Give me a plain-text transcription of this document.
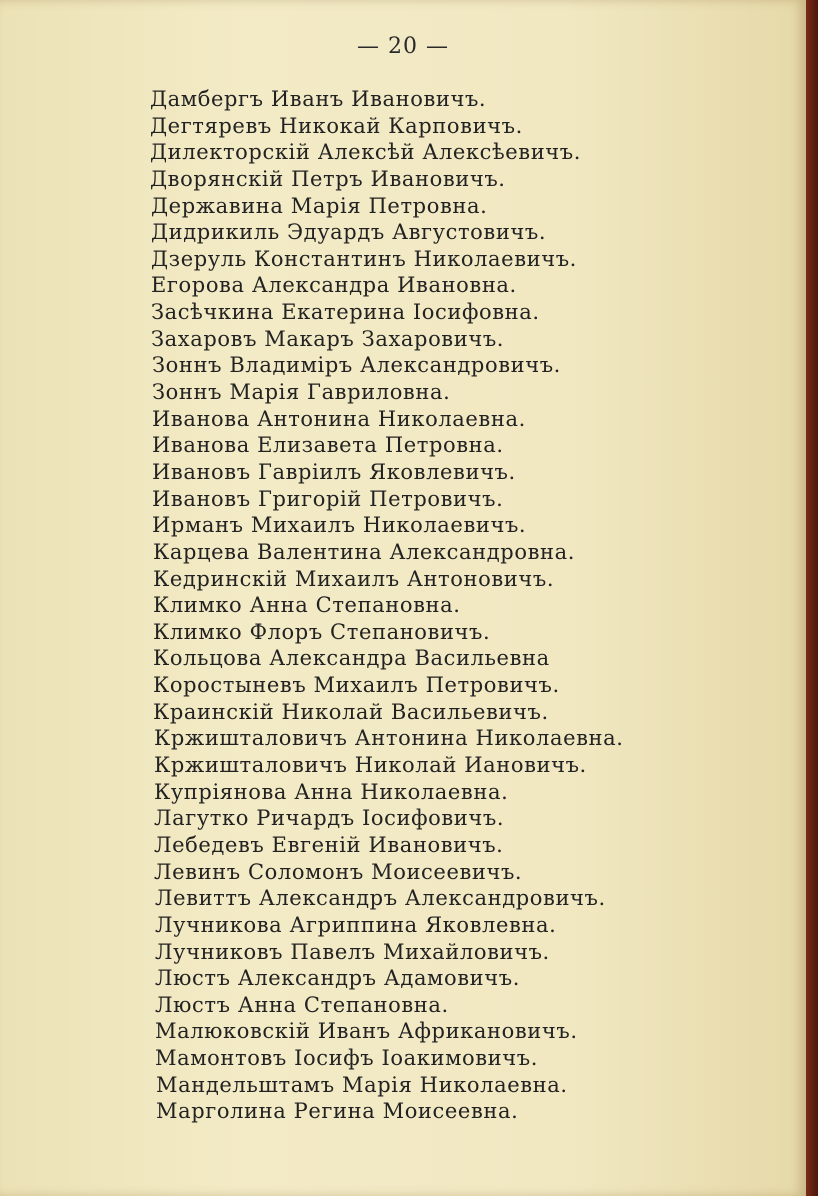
— 20 —
Дамбергъ Иванъ Ивановичъ.
Дегтяревъ Никокай Карповичъ.
Дилекторскій Алексѣй Алексѣевичъ.
Дворянскій Петръ Ивановичъ.
Державина Марія Петровна.
Дидрикиль Эдуардъ Августовичъ.
Дзеруль Константинъ Николаевичъ.
Егорова Александра Ивановна.
Засѣчкина Екатерина Іосифовна.
Захаровъ Макаръ Захаровичъ.
Зоннъ Владиміръ Александровичъ.
Зоннъ Марія Гавриловна.
Иванова Антонина Николаевна.
Иванова Елизавета Петровна.
Ивановъ Гавріилъ Яковлевичъ.
Ивановъ Григорій Петровичъ.
Ирманъ Михаилъ Николаевичъ.
Карцева Валентина Александровна.
Кедринскій Михаилъ Антоновичъ.
Климко Анна Степановна.
Климко Флоръ Степановичъ.
Кольцова Александра Васильевна
Коростыневъ Михаилъ Петровичъ.
Краинскій Николай Васильевичъ.
Кржишталовичъ Антонина Николаевна.
Кржишталовичъ Николай Иановичъ.
Купріянова Анна Николаевна.
Лагутко Ричардъ Іосифовичъ.
Лебедевъ Евгеній Ивановичъ.
Левинъ Соломонъ Моисеевичъ.
Левиттъ Александръ Александровичъ.
Лучникова Агриппина Яковлевна.
Лучниковъ Павелъ Михайловичъ.
Люстъ Александръ Адамовичъ.
Люстъ Анна Степановна.
Малюковскій Иванъ Африкановичъ.
Мамонтовъ Іосифъ Іоакимовичъ.
Мандельштамъ Марія Николаевна.
Марголина Регина Моисеевна.
